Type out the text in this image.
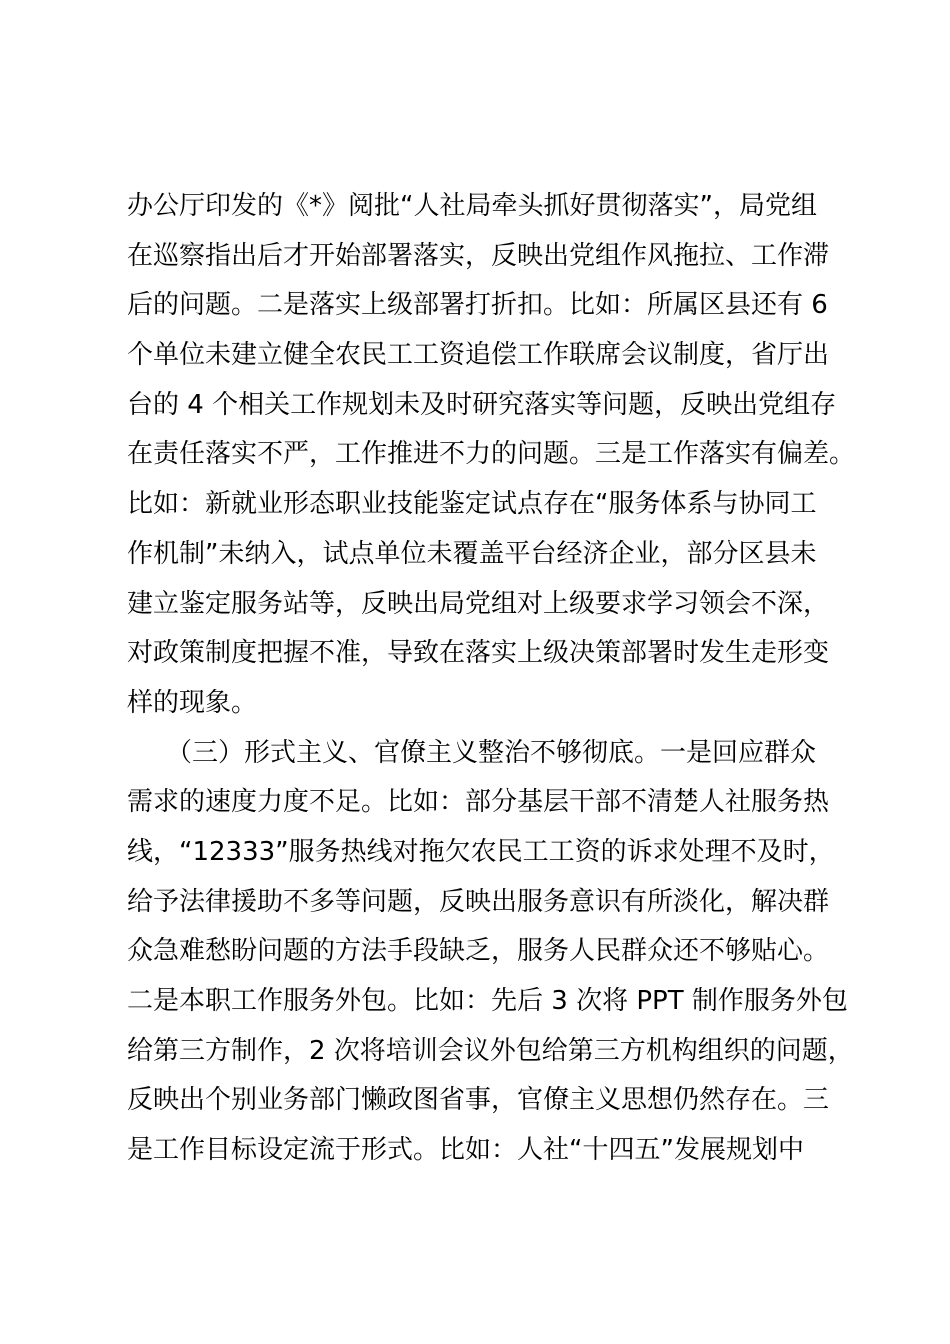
办公厅印发的《*》阅批“人社局牵头抓好贯彻落实”，局党组
在巡察指出后才开始部署落实，反映出党组作风拖拉、工作滞
后的问题。二是落实上级部署打折扣。比如：所属区县还有 6
个单位未建立健全农民工工资追偿工作联席会议制度，省厅出
台的 4 个相关工作规划未及时研究落实等问题，反映出党组存
在责任落实不严，工作推进不力的问题。三是工作落实有偏差。
比如：新就业形态职业技能鉴定试点存在“服务体系与协同工
作机制”未纳入，试点单位未覆盖平台经济企业，部分区县未
建立鉴定服务站等，反映出局党组对上级要求学习领会不深，
对政策制度把握不准，导致在落实上级决策部署时发生走形变
样的现象。
　　（三）形式主义、官僚主义整治不够彻底。一是回应群众
需求的速度力度不足。比如：部分基层干部不清楚人社服务热
线，“12333”服务热线对拖欠农民工工资的诉求处理不及时，
给予法律援助不多等问题，反映出服务意识有所淡化，解决群
众急难愁盼问题的方法手段缺乏，服务人民群众还不够贴心。
二是本职工作服务外包。比如：先后 3 次将 PPT 制作服务外包
给第三方制作，2 次将培训会议外包给第三方机构组织的问题，
反映出个别业务部门懒政图省事，官僚主义思想仍然存在。三
是工作目标设定流于形式。比如：人社“十四五”发展规划中
